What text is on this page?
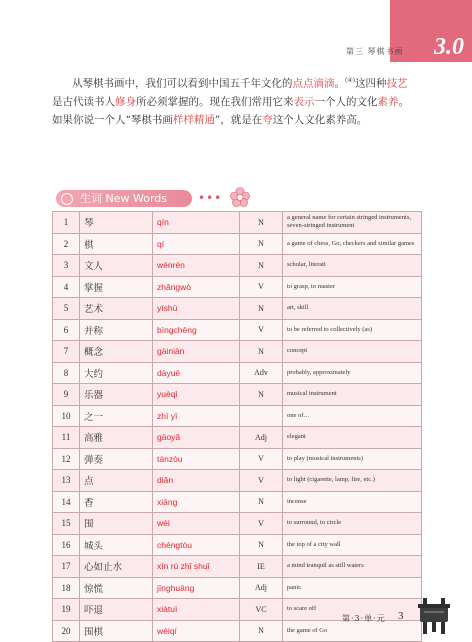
3.0
第三 琴棋书画
从琴棋书画中，我们可以看到中国五千年文化的点点滴滴。(④)这四种技艺是古代读书人修身所必须掌握的。现在我们常用它来表示一个人的文化素养。如果你说一个人“琴棋书画样样精通”，就是在夸这个人文化素养高。
生词 New Words	•••
1	琴	qín	N	a general name for certain stringed instruments, seven-stringed instrument
2	棋	qí	N	a game of chess, Go, checkers and similar games
3	文人	wénrén	N	scholar, literati
4	掌握	zhǎngwò	V	to grasp, to master
5	艺术	yìshù	N	art, skill
6	并称	bìngchēng	V	to be referred to collectively (as)
7	概念	gàiniàn	N	concept
8	大约	dàyuē	Adv	probably, approximately
9	乐器	yuèqì	N	musical instrument
10	之一	zhī yī		one of…
11	高雅	gāoyǎ	Adj	elegant
12	弹奏	tánzòu	V	to play (musical instruments)
13	点	diǎn	V	to light (cigarette, lamp, fire, etc.)
14	香	xiāng	N	incense
15	围	wéi	V	to surround, to circle
16	城头	chéngtóu	N	the top of a city wall
17	心如止水	xīn rú zhǐ shuǐ	IE	a mind tranquil as still waters
18	惊慌	jīnghuāng	Adj	panic
19	吓退	xiàtuì	VC	to scare off
20	围棋	wéiqí	N	the game of Go
第·3·单·元 3
